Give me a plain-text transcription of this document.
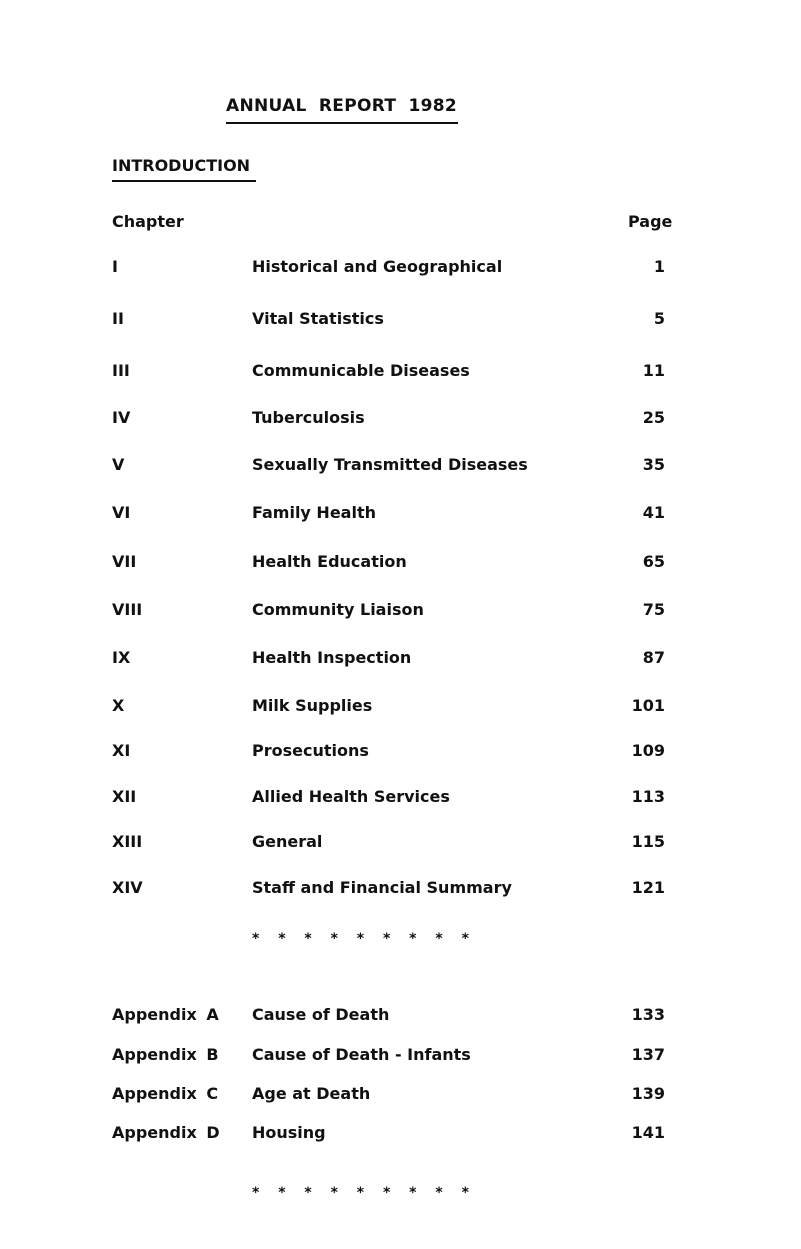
ANNUAL REPORT 1982
INTRODUCTION
Chapter	Page
I	Historical and Geographical	1
II	Vital Statistics	5
III	Communicable Diseases	11
IV	Tuberculosis	25
V	Sexually Transmitted Diseases	35
VI	Family Health	41
VII	Health Education	65
VIII	Community Liaison	75
IX	Health Inspection	87
X	Milk Supplies	101
XI	Prosecutions	109
XII	Allied Health Services	113
XIII	General	115
XIV	Staff and Financial Summary	121
* * * * * * * * *
Appendix A Cause of Death	133
Appendix B Cause of Death - Infants	137
Appendix C Age at Death	139
Appendix D Housing	141
* * * * * * * * *
